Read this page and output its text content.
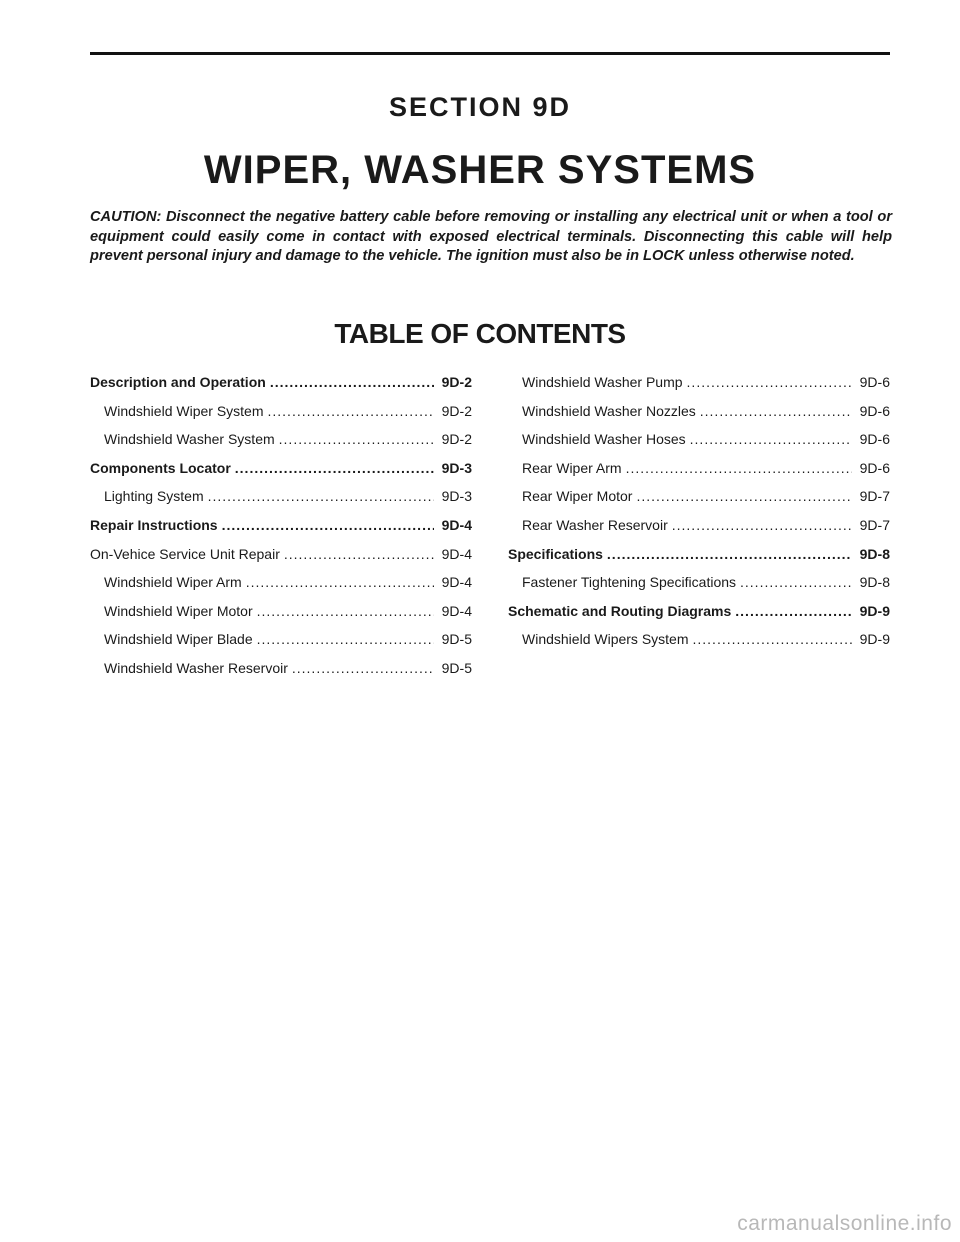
SECTION 9D
WIPER, WASHER SYSTEMS

CAUTION: Disconnect the negative battery cable before removing or installing any electrical unit or when a tool or equipment could easily come in contact with exposed electrical terminals. Disconnecting this cable will help prevent personal injury and damage to the vehicle. The ignition must also be in LOCK unless otherwise noted.

TABLE OF CONTENTS
Description and Operation .....	9D-2
Windshield Wiper System .....	9D-2
Windshield Washer System .....	9D-2
Components Locator .....	9D-3
Lighting System .....	9D-3
Repair Instructions .....	9D-4
On-Vehice Service Unit Repair .....	9D-4
Windshield Wiper Arm .....	9D-4
Windshield Wiper Motor .....	9D-4
Windshield Wiper Blade .....	9D-5
Windshield Washer Reservoir .....	9D-5
Windshield Washer Pump .....	9D-6
Windshield Washer Nozzles .....	9D-6
Windshield Washer Hoses .....	9D-6
Rear Wiper Arm .....	9D-6
Rear Wiper Motor .....	9D-7
Rear Washer Reservoir .....	9D-7
Specifications .....	9D-8
Fastener Tightening Specifications .....	9D-8
Schematic and Routing Diagrams .....	9D-9
Windshield Wipers System .....	9D-9
carmanualsonline.info
